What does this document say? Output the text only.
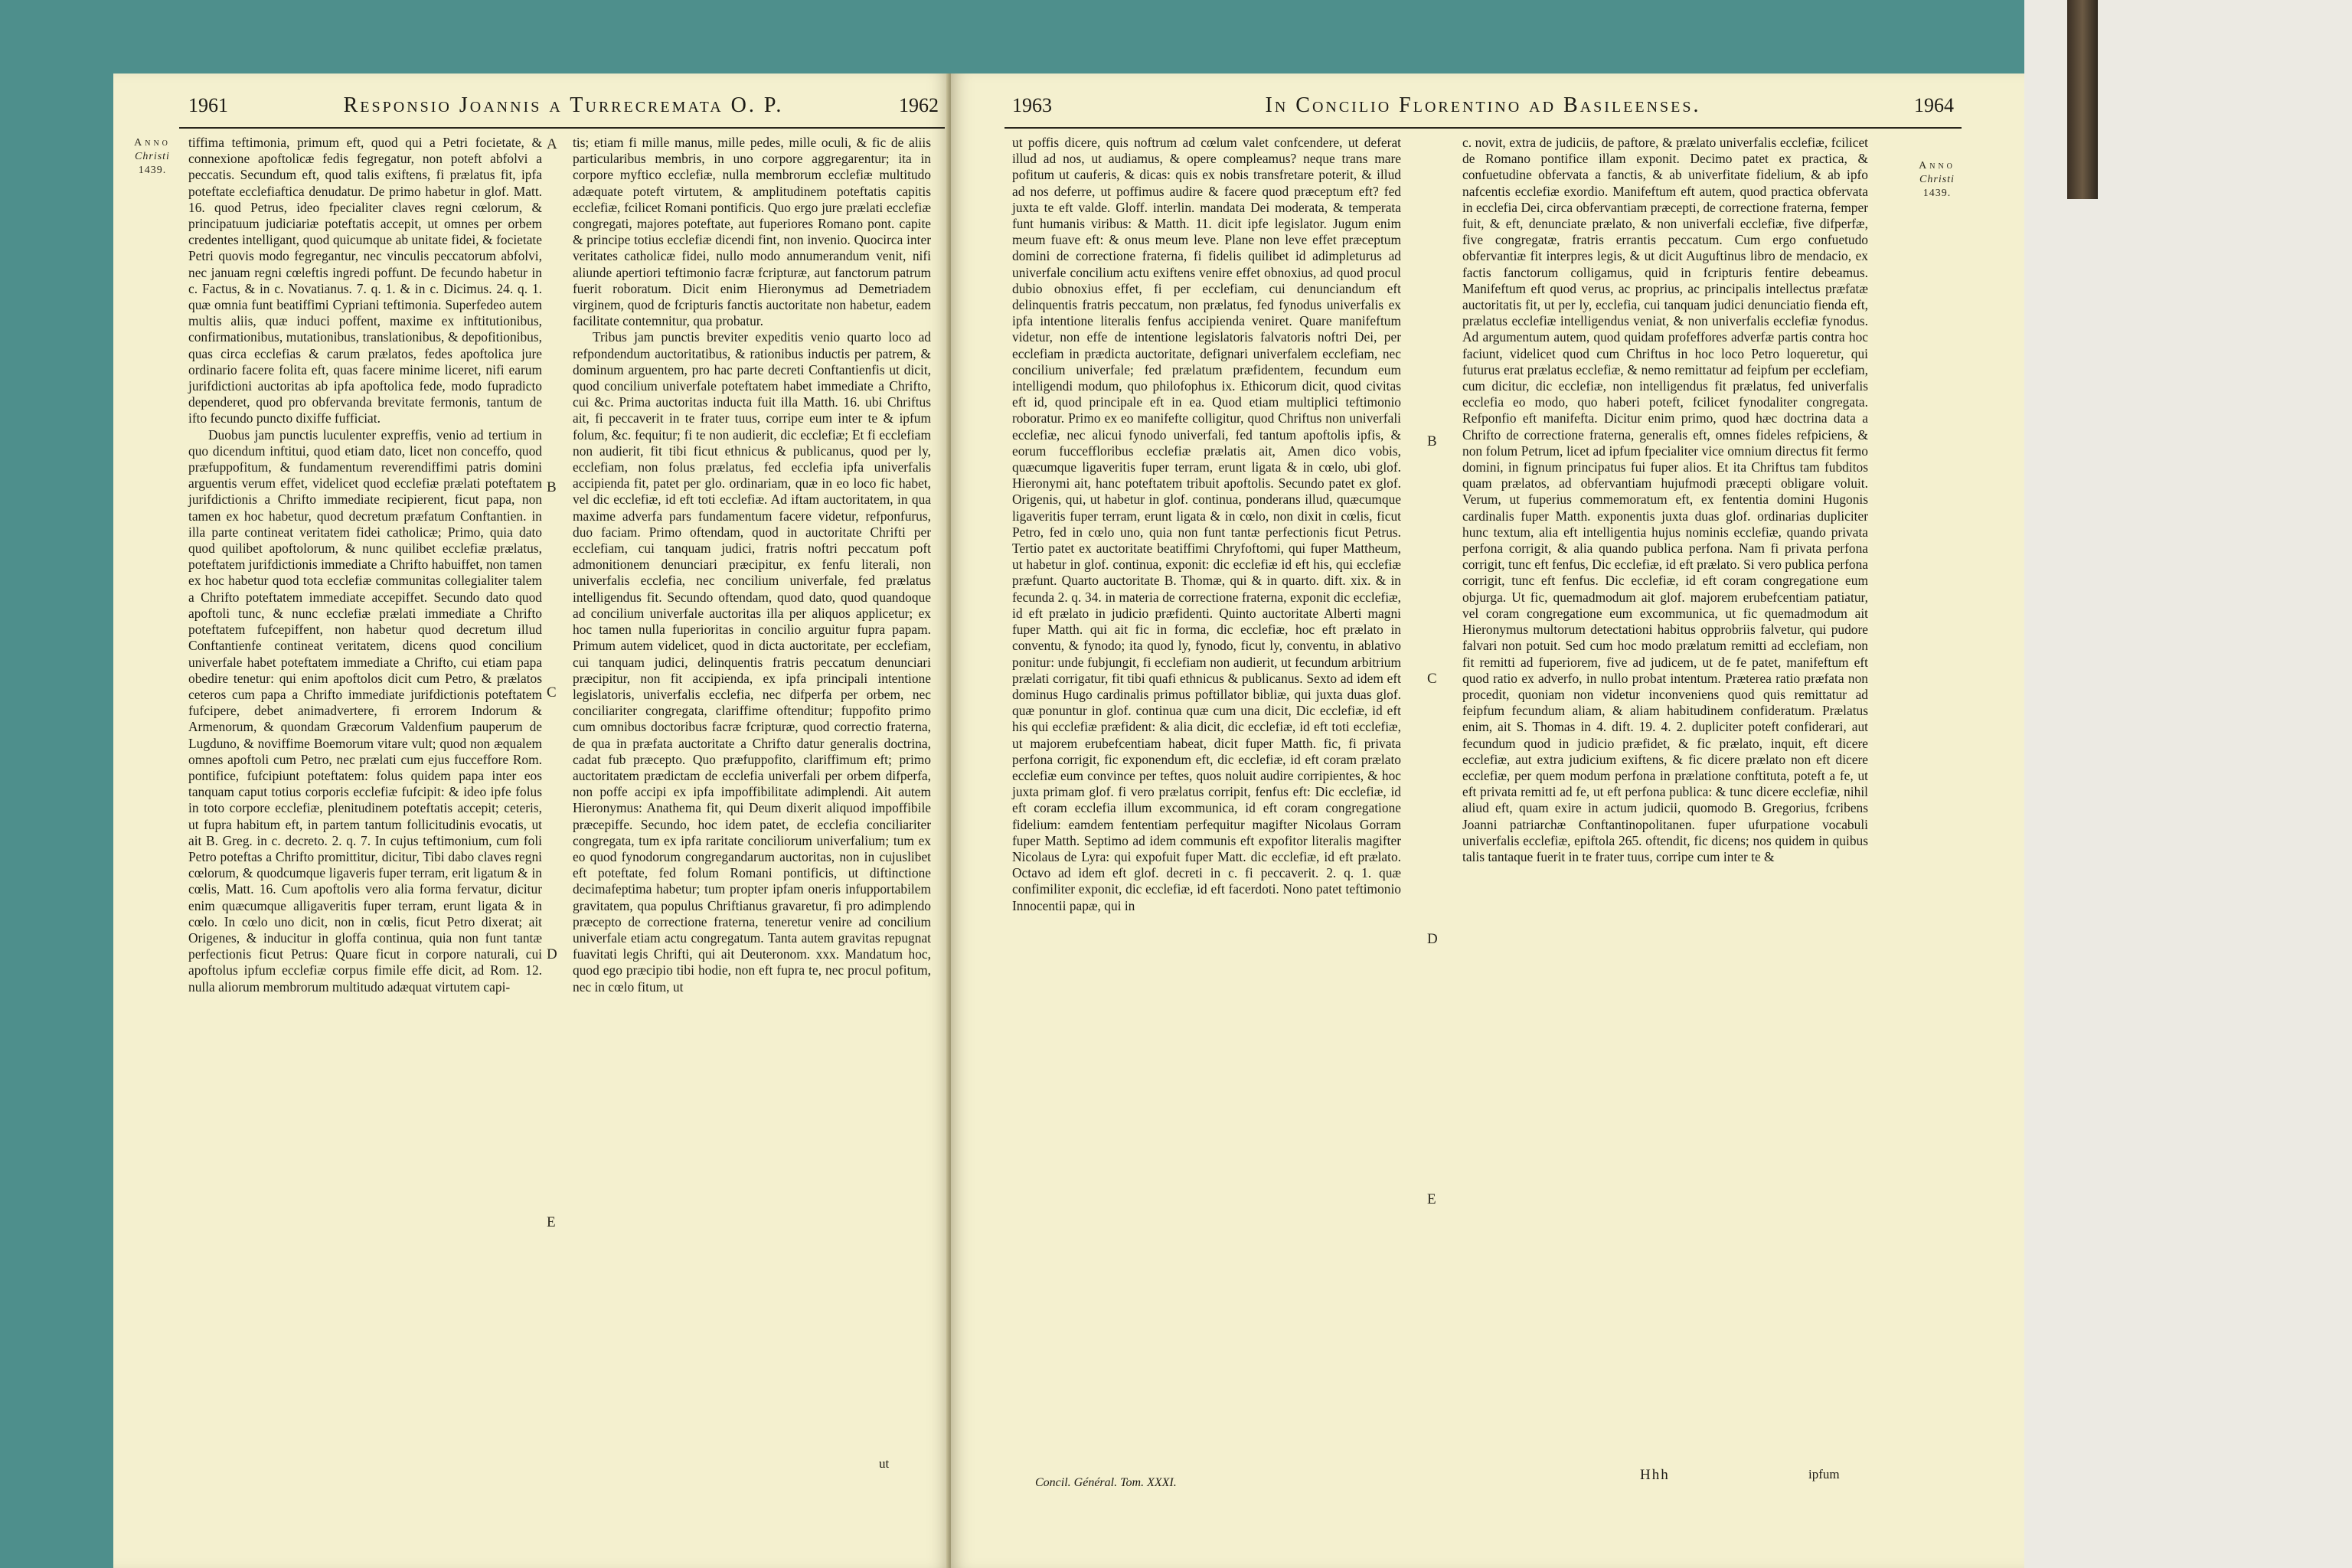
1961	Responsio Joannis a Turrecremata O. P.	1962
Anno
Christi
1439.

tiffima teftimonia, primum eft, quod qui a Petri focietate, & connexione apoftolicæ fedis fegregatur, non poteft abfolvi a peccatis. Secundum eft, quod talis exiftens, fi prælatus fit, ipfa poteftate ecclefiaftica denudatur. De primo habetur in glof. Matt. 16. quod Petrus, ideo fpecialiter claves regni cœlorum, & principatuum judiciariæ poteftatis accepit, ut omnes per orbem credentes intelligant, quod quicumque ab unitate fidei, & focietate Petri quovis modo fegregantur, nec vinculis peccatorum abfolvi, nec januam regni cœleftis ingredi poffunt. De fecundo habetur in c. Factus, & in c. Novatianus. 7. q. 1. & in c. Dicimus. 24. q. 1. quæ omnia funt beatiffimi Cypriani teftimonia. Superfedeo autem multis aliis, quæ induci poffent, maxime ex inftitutionibus, confirmationibus, mutationibus, translationibus, & depofitionibus, quas circa ecclefias & carum prælatos, fedes apoftolica jure ordinario facere folita eft, quas facere minime liceret, nifi earum jurifdictioni auctoritas ab ipfa apoftolica fede, modo fupradicto dependeret, quod pro obfervanda brevitate fermonis, tantum de ifto fecundo puncto dixiffe fufficiat.

Duobus jam punctis luculenter expreffis, venio ad tertium in quo dicendum inftitui, quod etiam dato, licet non conceffo, quod præfuppofitum, & fundamentum reverendiffimi patris domini arguentis verum effet, videlicet quod ecclefiæ prælati poteftatem jurifdictionis a Chrifto immediate recipierent, ficut papa, non tamen ex hoc habetur, quod decretum præfatum Conftantien. in illa parte contineat veritatem fidei catholicæ; Primo, quia dato quod quilibet apoftolorum, & nunc quilibet ecclefiæ prælatus, poteftatem jurifdictionis immediate a Chrifto habuiffet, non tamen ex hoc habetur quod tota ecclefiæ communitas collegialiter talem a Chrifto poteftatem immediate accepiffet. Secundo dato quod apoftoli tunc, & nunc ecclefiæ prælati immediate a Chrifto poteftatem fufcepiffent, non habetur quod decretum illud Conftantienfe contineat veritatem, dicens quod concilium univerfale habet poteftatem immediate a Chrifto, cui etiam papa obedire tenetur: qui enim apoftolos dicit cum Petro, & prælatos ceteros cum papa a Chrifto immediate jurifdictionis poteftatem fufcipere, debet animadvertere, fi errorem Indorum & Armenorum, & quondam Græcorum Valdenfium pauperum de Lugduno, & noviffime Boemorum vitare vult; quod non æqualem omnes apoftoli cum Petro, nec prælati cum ejus fucceffore Rom. pontifice, fufcipiunt poteftatem: folus quidem papa inter eos tanquam caput totius corporis ecclefiæ fufcipit: & ideo ipfe folus in toto corpore ecclefiæ, plenitudinem poteftatis accepit; ceteris, ut fupra habitum eft, in partem tantum follicitudinis evocatis, ut ait B. Greg. in c. decreto. 2. q. 7. In cujus teftimonium, cum foli Petro poteftas a Chrifto promittitur, dicitur, Tibi dabo claves regni cœlorum, & quodcumque ligaveris fuper terram, erit ligatum & in cœlis, Matt. 16. Cum apoftolis vero alia forma fervatur, dicitur enim quæcumque alligaveritis fuper terram, erunt ligata & in cœlo. In cœlo uno dicit, non in cœlis, ficut Petro dixerat; ait Origenes, & inducitur in gloffa continua, quia non funt tantæ perfectionis ficut Petrus: Quare ficut in corpore naturali, cui apoftolus ipfum ecclefiæ corpus fimile effe dicit, ad Rom. 12. nulla aliorum membrorum multitudo adæquat virtutem capi-

A
B
C
D
E

tis; etiam fi mille manus, mille pedes, mille oculi, & fic de aliis particularibus membris, in uno corpore aggregarentur; ita in corpore myftico ecclefiæ, nulla membrorum ecclefiæ multitudo adæquate poteft virtutem, & amplitudinem poteftatis capitis ecclefiæ, fcilicet Romani pontificis. Quo ergo jure prælati ecclefiæ congregati, majores poteftate, aut fuperiores Romano pont. capite & principe totius ecclefiæ dicendi fint, non invenio. Quocirca inter veritates catholicæ fidei, nullo modo annumerandum venit, nifi aliunde apertiori teftimonio facræ fcripturæ, aut fanctorum patrum fuerit roboratum. Dicit enim Hieronymus ad Demetriadem virginem, quod de fcripturis fanctis auctoritate non habetur, eadem facilitate contemnitur, qua probatur.

Tribus jam punctis breviter expeditis venio quarto loco ad refpondendum auctoritatibus, & rationibus inductis per patrem, & dominum arguentem, pro hac parte decreti Conftantienfis ut dicit, quod concilium univerfale poteftatem habet immediate a Chrifto, cui &c. Prima auctoritas inducta fuit illa Matth. 16. ubi Chriftus ait, fi peccaverit in te frater tuus, corripe eum inter te & ipfum folum, &c. fequitur; fi te non audierit, dic ecclefiæ; Et fi ecclefiam non audierit, fit tibi ficut ethnicus & publicanus, quod per ly, ecclefiam, non folus prælatus, fed ecclefia ipfa univerfalis accipienda fit, patet per glo. ordinariam, quæ in eo loco fic habet, vel dic ecclefiæ, id eft toti ecclefiæ. Ad iftam auctoritatem, in qua maxime adverfa pars fundamentum facere videtur, refponfurus, duo faciam. Primo oftendam, quod in auctoritate Chrifti per ecclefiam, cui tanquam judici, fratris noftri peccatum poft admonitionem denunciari præcipitur, ex fenfu literali, non univerfalis ecclefia, nec concilium univerfale, fed prælatus intelligendus fit. Secundo oftendam, quod dato, quod quandoque ad concilium univerfale auctoritas illa per aliquos applicetur; ex hoc tamen nulla fuperioritas in concilio arguitur fupra papam. Primum autem videlicet, quod in dicta auctoritate, per ecclefiam, cui tanquam judici, delinquentis fratris peccatum denunciari præcipitur, non fit accipienda, ex ipfa principali intentione legislatoris, univerfalis ecclefia, nec difperfa per orbem, nec conciliariter congregata, clariffime oftenditur; fuppofito primo cum omnibus doctoribus facræ fcripturæ, quod correctio fraterna, de qua in præfata auctoritate a Chrifto datur generalis doctrina, cadat fub præcepto. Quo præfuppofito, clariffimum eft; primo auctoritatem prædictam de ecclefia univerfali per orbem difperfa, non poffe accipi ex ipfa impoffibilitate adimplendi. Ait autem Hieronymus: Anathema fit, qui Deum dixerit aliquod impoffibile præcepiffe. Secundo, hoc idem patet, de ecclefia conciliariter congregata, tum ex ipfa raritate conciliorum univerfalium; tum ex eo quod fynodorum congregandarum auctoritas, non in cujuslibet eft poteftate, fed folum Romani pontificis, ut diftinctione decimafeptima habetur; tum propter ipfam oneris infupportabilem gravitatem, qua populus Chriftianus gravaretur, fi pro adimplendo præcepto de correctione fraterna, teneretur venire ad concilium univerfale etiam actu congregatum. Tanta autem gravitas repugnat fuavitati legis Chrifti, qui ait Deuteronom. xxx. Mandatum hoc, quod ego præcipio tibi hodie, non eft fupra te, nec procul pofitum, nec in cœlo fitum, ut

ut
1963	In Concilio Florentino ad Basileenses.	1964

ut poffis dicere, quis noftrum ad cœlum valet confcendere, ut deferat illud ad nos, ut audiamus, & opere compleamus? neque trans mare pofitum ut cauferis, & dicas: quis ex nobis transfretare poterit, & illud ad nos deferre, ut poffimus audire & facere quod præceptum eft? fed juxta te eft valde. Gloff. interlin. mandata Dei moderata, & temperata funt humanis viribus: & Matth. 11. dicit ipfe legislator. Jugum enim meum fuave eft: & onus meum leve. Plane non leve effet præceptum domini de correctione fraterna, fi fidelis quilibet id adimpleturus ad univerfale concilium actu exiftens venire effet obnoxius, ad quod procul dubio obnoxius effet, fi per ecclefiam, cui denunciandum eft delinquentis fratris peccatum, non prælatus, fed fynodus univerfalis ex ipfa intentione literalis fenfus accipienda veniret. Quare manifeftum videtur, non effe de intentione legislatoris falvatoris noftri Dei, per ecclefiam in prædicta auctoritate, defignari univerfalem ecclefiam, nec concilium univerfale; fed prælatum præfidentem, fecundum eum intelligendi modum, quo philofophus ix. Ethicorum dicit, quod civitas eft id, quod principale eft in ea. Quod etiam multiplici teftimonio roboratur. Primo ex eo manifefte colligitur, quod Chriftus non univerfali ecclefiæ, nec alicui fynodo univerfali, fed tantum apoftolis ipfis, & eorum fucceffloribus ecclefiæ prælatis ait, Amen dico vobis, quæcumque ligaveritis fuper terram, erunt ligata & in cœlo, ubi glof. Hieronymi ait, hanc poteftatem tribuit apoftolis. Secundo patet ex glof. Origenis, qui, ut habetur in glof. continua, ponderans illud, quæcumque ligaveritis fuper terram, erunt ligata & in cœlo, non dixit in cœlis, ficut Petro, fed in cœlo uno, quia non funt tantæ perfectionis ficut Petrus. Tertio patet ex auctoritate beatiffimi Chryfoftomi, qui fuper Mattheum, ut habetur in glof. continua, exponit: dic ecclefiæ id eft his, qui ecclefiæ præfunt. Quarto auctoritate B. Thomæ, qui & in quarto. dift. xix. & in fecunda 2. q. 34. in materia de correctione fraterna, exponit dic ecclefiæ, id eft prælato in judicio præfidenti. Quinto auctoritate Alberti magni fuper Matth. qui ait fic in forma, dic ecclefiæ, hoc eft prælato in conventu, & fynodo; ita quod ly, fynodo, ficut ly, conventu, in ablativo ponitur: unde fubjungit, fi ecclefiam non audierit, ut fecundum arbitrium prælati corrigatur, fit tibi quafi ethnicus & publicanus. Sexto ad idem eft dominus Hugo cardinalis primus poftillator bibliæ, qui juxta duas glof. quæ ponuntur in glof. continua quæ cum una dicit, Dic ecclefiæ, id eft his qui ecclefiæ præfident: & alia dicit, dic ecclefiæ, id eft toti ecclefiæ, ut majorem erubefcentiam habeat, dicit fuper Matth. fic, fi privata perfona corrigit, fic exponendum eft, dic ecclefiæ, id eft coram prælato ecclefiæ eum convince per teftes, quos noluit audire corripientes, & hoc juxta primam glof. fi vero prælatus corripit, fenfus eft: Dic ecclefiæ, id eft coram ecclefia illum excommunica, id eft coram congregatione fidelium: eamdem fententiam perfequitur magifter Nicolaus Gorram fuper Matth. Septimo ad idem communis eft expofitor literalis magifter Nicolaus de Lyra: qui expofuit fuper Matt. dic ecclefiæ, id eft prælato. Octavo ad idem eft glof. decreti in c. fi peccaverit. 2. q. 1. quæ confimiliter exponit, dic ecclefiæ, id eft facerdoti. Nono patet teftimonio Innocentii papæ, qui in

B
C
D
E

c. novit, extra de judiciis, de paftore, & prælato univerfalis ecclefiæ, fcilicet de Romano pontifice illam exponit. Decimo patet ex practica, & confuetudine obfervata a fanctis, & ab univerfitate fidelium, & ab ipfo nafcentis ecclefiæ exordio. Manifeftum eft autem, quod practica obfervata in ecclefia Dei, circa obfervantiam præcepti, de correctione fraterna, femper fuit, & eft, denunciate prælato, & non univerfali ecclefiæ, five difperfæ, five congregatæ, fratris errantis peccatum. Cum ergo confuetudo obfervantiæ fit interpres legis, & ut dicit Auguftinus libro de mendacio, ex factis fanctorum colligamus, quid in fcripturis fentire debeamus. Manifeftum eft quod verus, ac proprius, ac principalis intellectus præfatæ auctoritatis fit, ut per ly, ecclefia, cui tanquam judici denunciatio fienda eft, prælatus ecclefiæ intelligendus veniat, & non univerfalis ecclefiæ fynodus. Ad argumentum autem, quod quidam profeffores adverfæ partis contra hoc faciunt, videlicet quod cum Chriftus in hoc loco Petro loqueretur, qui futurus erat prælatus ecclefiæ, & nemo remittatur ad feipfum per ecclefiam, cum dicitur, dic ecclefiæ, non intelligendus fit prælatus, fed univerfalis ecclefia eo modo, quo haberi poteft, fcilicet fynodaliter congregata. Refponfio eft manifefta. Dicitur enim primo, quod hæc doctrina data a Chrifto de correctione fraterna, generalis eft, omnes fideles refpiciens, & non folum Petrum, licet ad ipfum fpecialiter vice omnium directus fit fermo domini, in fignum principatus fui fuper alios. Et ita Chriftus tam fubditos quam prælatos, ad obfervantiam hujufmodi præcepti obligare voluit. Verum, ut fuperius commemoratum eft, ex fententia domini Hugonis cardinalis fuper Matth. exponentis juxta duas glof. ordinarias dupliciter hunc textum, alia eft intelligentia hujus nominis ecclefiæ, quando privata perfona corrigit, & alia quando publica perfona. Nam fi privata perfona corrigit, tunc eft fenfus, Dic ecclefiæ, id eft prælato. Si vero publica perfona corrigit, tunc eft fenfus. Dic ecclefiæ, id eft coram congregatione eum objurga. Ut fic, quemadmodum ait glof. majorem erubefcentiam patiatur, vel coram congregatione eum excommunica, ut fic quemadmodum ait Hieronymus multorum detectationi habitus opprobriis falvetur, qui pudore falvari non potuit. Sed cum hoc modo prælatum remitti ad ecclefiam, non fit remitti ad fuperiorem, five ad judicem, ut de fe patet, manifeftum eft quod ratio ex adverfo, in nullo probat intentum. Præterea ratio præfata non procedit, quoniam non videtur inconveniens quod quis remittatur ad feipfum fecundum aliam, & aliam habitudinem confideratum. Prælatus enim, ait S. Thomas in 4. dift. 19. 4. 2. dupliciter poteft confiderari, aut fecundum quod in judicio præfidet, & fic prælato, inquit, eft dicere ecclefiæ, aut extra judicium exiftens, & fic dicere prælato non eft dicere ecclefiæ, per quem modum perfona in prælatione conftituta, poteft a fe, ut eft privata remitti ad fe, ut eft perfona publica: & tunc dicere ecclefiæ, nihil aliud eft, quam exire in actum judicii, quomodo B. Gregorius, fcribens Joanni patriarchæ Conftantinopolitanen. fuper ufurpatione vocabuli univerfalis ecclefiæ, epiftola 265. oftendit, fic dicens; nos quidem in quibus talis tantaque fuerit in te frater tuus, corripe cum inter te &

Anno
Christi
1439.
Concil. Général. Tom. XXXI.	Hhh	ipfum
